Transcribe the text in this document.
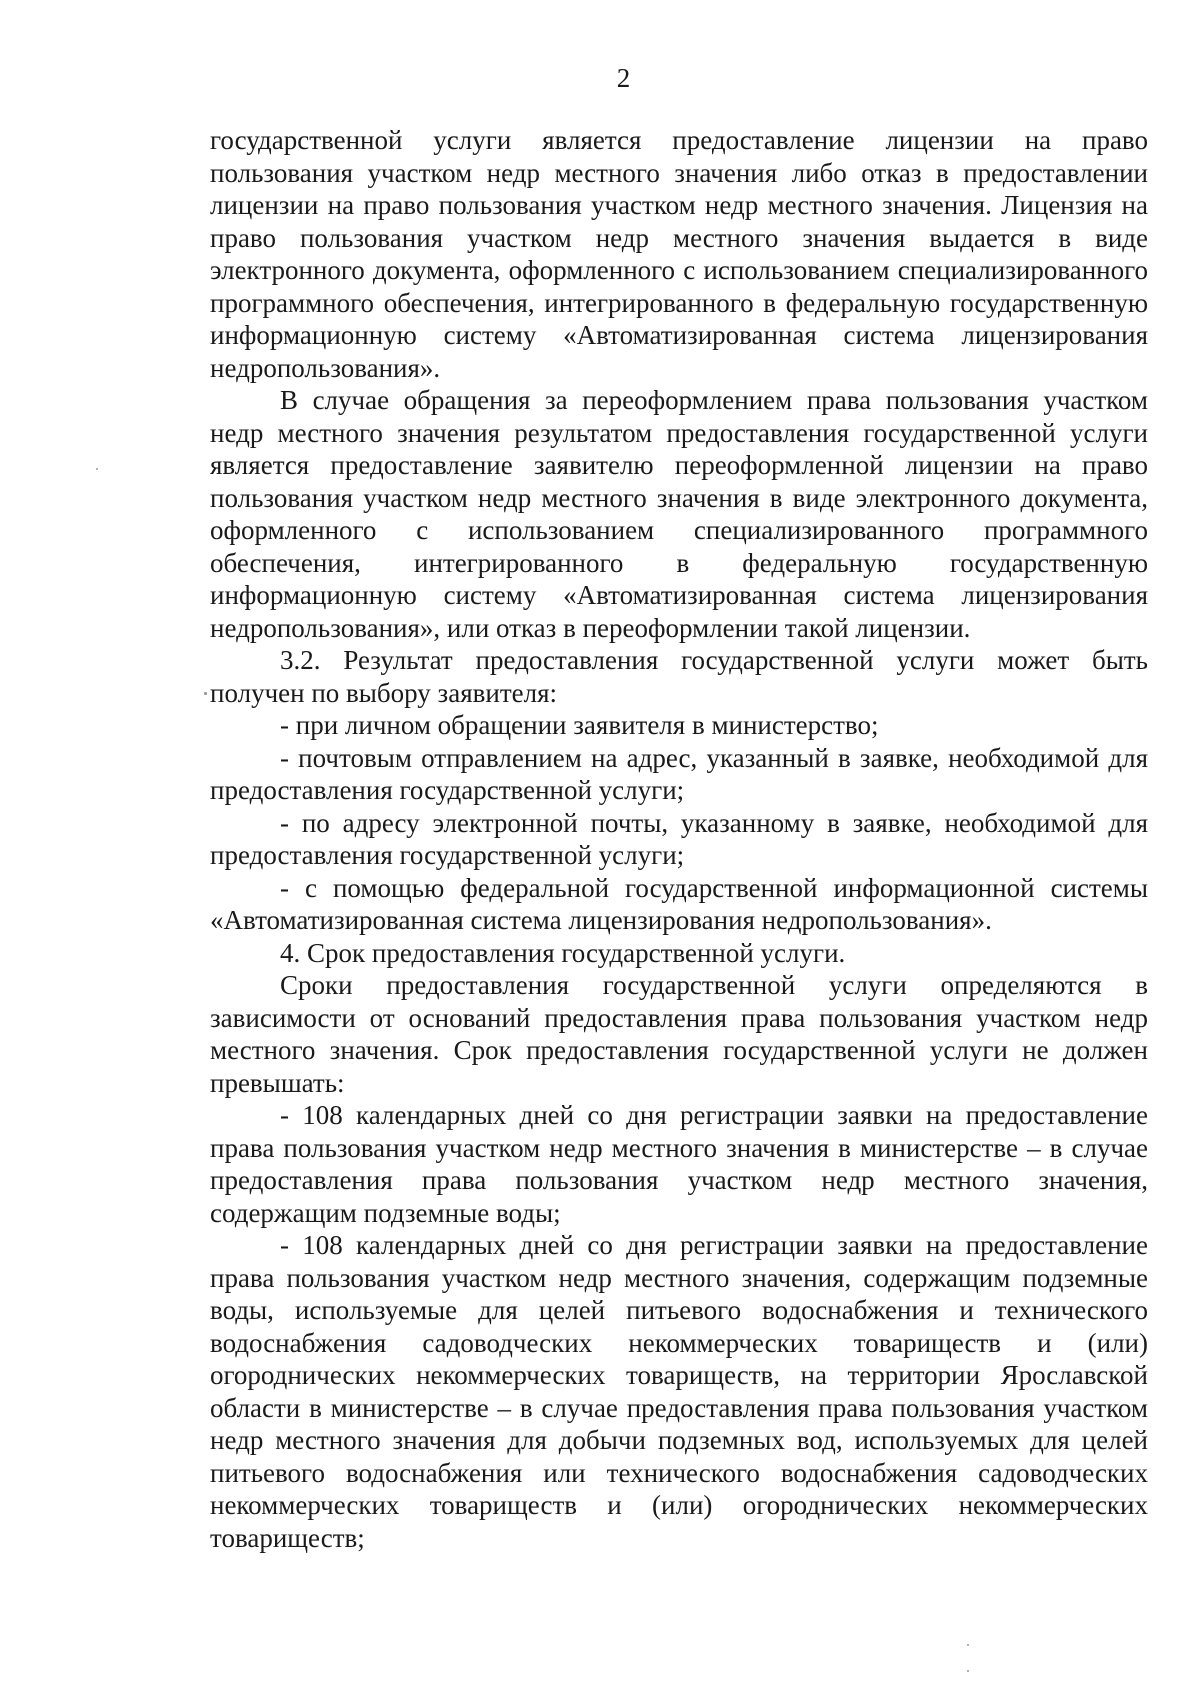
2

государственной услуги является предоставление лицензии на право пользования участком недр местного значения либо отказ в предоставлении лицензии на право пользования участком недр местного значения. Лицензия на право пользования участком недр местного значения выдается в виде электронного документа, оформленного с использованием специализированного программного обеспечения, интегрированного в федеральную государственную информационную систему «Автоматизированная система лицензирования недропользования».

В случае обращения за переоформлением права пользования участком недр местного значения результатом предоставления государственной услуги является предоставление заявителю переоформленной лицензии на право пользования участком недр местного значения в виде электронного документа, оформленного с использованием специализированного программного обеспечения, интегрированного в федеральную государственную информационную систему «Автоматизированная система лицензирования недропользования», или отказ в переоформлении такой лицензии.

3.2. Результат предоставления государственной услуги может быть получен по выбору заявителя:

- при личном обращении заявителя в министерство;

- почтовым отправлением на адрес, указанный в заявке, необходимой для предоставления государственной услуги;

- по адресу электронной почты, указанному в заявке, необходимой для предоставления государственной услуги;

- с помощью федеральной государственной информационной системы «Автоматизированная система лицензирования недропользования».

4. Срок предоставления государственной услуги.

Сроки предоставления государственной услуги определяются в зависимости от оснований предоставления права пользования участком недр местного значения. Срок предоставления государственной услуги не должен превышать:

- 108 календарных дней со дня регистрации заявки на предоставление права пользования участком недр местного значения в министерстве – в случае предоставления права пользования участком недр местного значения, содержащим подземные воды;

- 108 календарных дней со дня регистрации заявки на предоставление права пользования участком недр местного значения, содержащим подземные воды, используемые для целей питьевого водоснабжения и технического водоснабжения садоводческих некоммерческих товариществ и (или) огороднических некоммерческих товариществ, на территории Ярославской области в министерстве – в случае предоставления права пользования участком недр местного значения для добычи подземных вод, используемых для целей питьевого водоснабжения или технического водоснабжения садоводческих некоммерческих товариществ и (или) огороднических некоммерческих товариществ;
